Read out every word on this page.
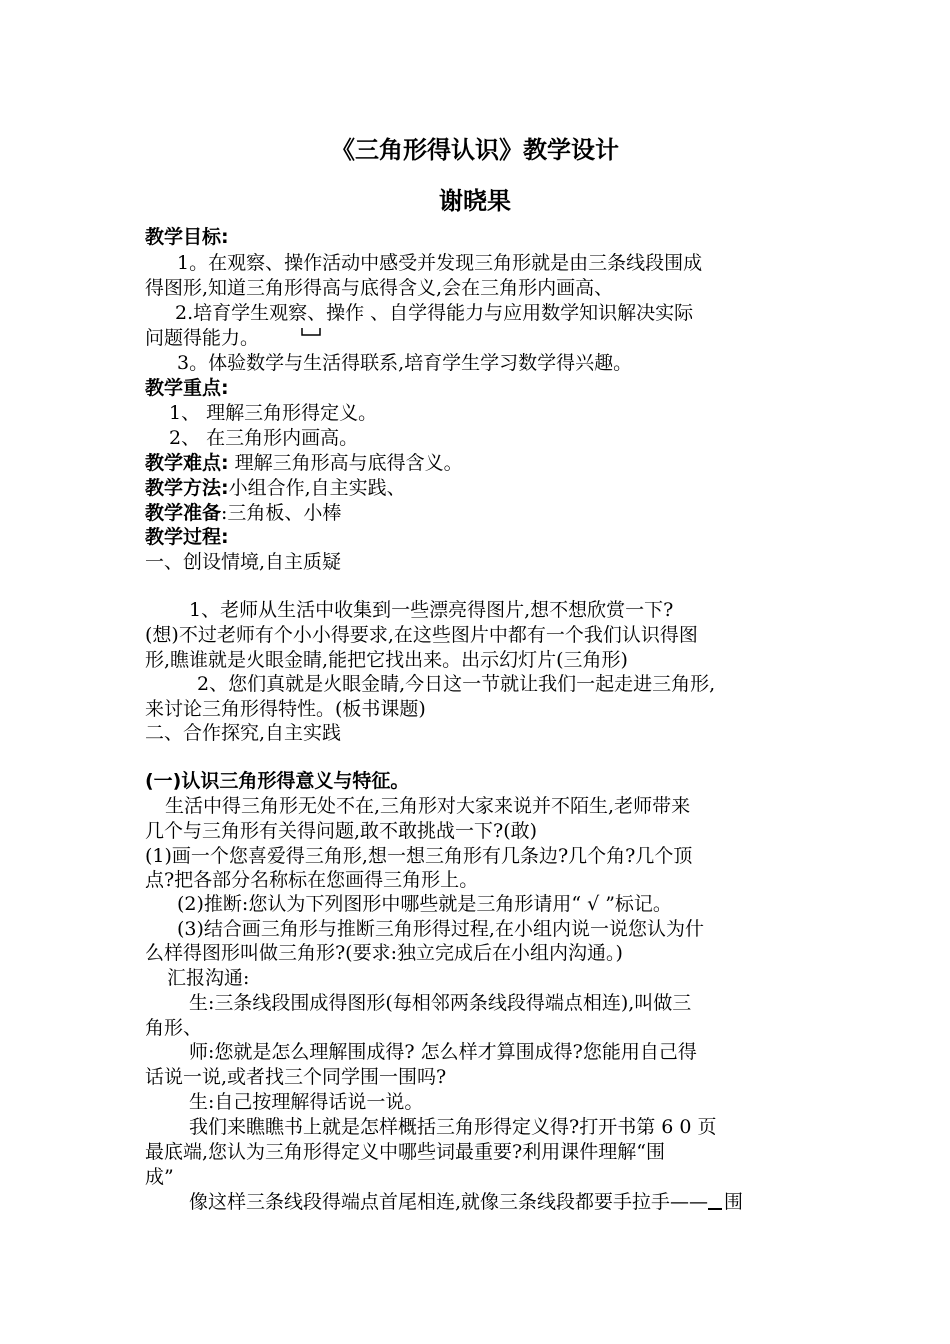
《三角形得认识》教学设计
谢晓果
教学目标:
1。在观察、操作活动中感受并发现三角形就是由三条线段围成
得图形,知道三角形得高与底得含义,会在三角形内画高、
2.培育学生观察、操作 、自学得能力与应用数学知识解决实际
问题得能力。
3。体验数学与生活得联系,培育学生学习数学得兴趣。
教学重点:
1、 理解三角形得定义。
2、 在三角形内画高。
教学难点: 理解三角形高与底得含义。
教学方法:小组合作,自主实践、
教学准备:三角板、小棒
教学过程:
一、创设情境,自主质疑
1、老师从生活中收集到一些漂亮得图片,想不想欣赏一下?
(想)不过老师有个小小得要求,在这些图片中都有一个我们认识得图
形,瞧谁就是火眼金睛,能把它找出来。出示幻灯片(三角形)
2、您们真就是火眼金睛,今日这一节就让我们一起走进三角形,
来讨论三角形得特性。(板书课题)
二、合作探究,自主实践
(一)认识三角形得意义与特征。
生活中得三角形无处不在,三角形对大家来说并不陌生,老师带来
几个与三角形有关得问题,敢不敢挑战一下?(敢)
(1)画一个您喜爱得三角形,想一想三角形有几条边?几个角?几个顶
点?把各部分名称标在您画得三角形上。
(2)推断:您认为下列图形中哪些就是三角形请用“ √ ”标记。
(3)结合画三角形与推断三角形得过程,在小组内说一说您认为什
么样得图形叫做三角形?(要求:独立完成后在小组内沟通。)
汇报沟通:
生:三条线段围成得图形(每相邻两条线段得端点相连),叫做三
角形、
师:您就是怎么理解围成得? 怎么样才算围成得?您能用自己得
话说一说,或者找三个同学围一围吗?
生:自己按理解得话说一说。
我们来瞧瞧书上就是怎样概括三角形得定义得?打开书第 6 0 页
最底端,您认为三角形得定义中哪些词最重要?利用课件理解“围
成”
像这样三条线段得端点首尾相连,就像三条线段都要手拉手—— 围
